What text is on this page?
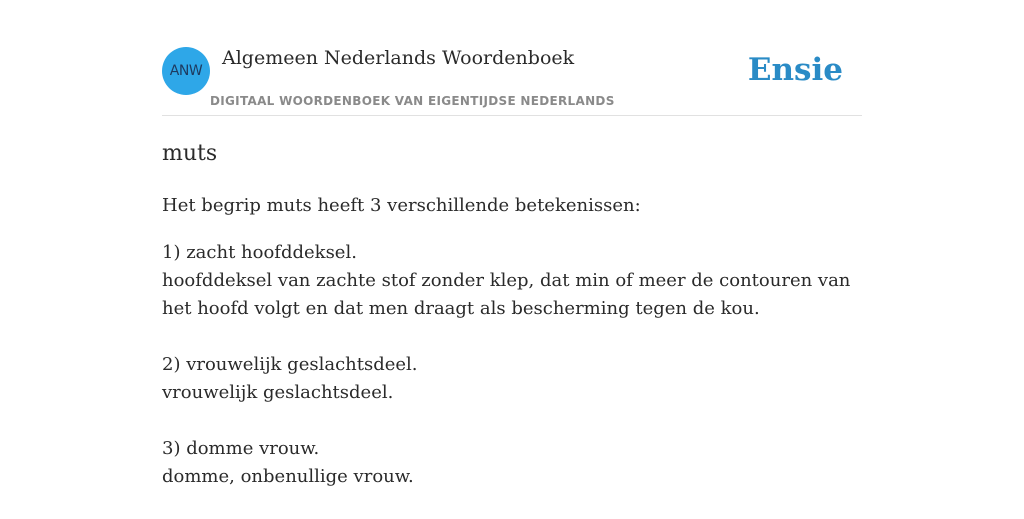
ANW
Algemeen Nederlands Woordenboek
DIGITAAL WOORDENBOEK VAN EIGENTIJDSE NEDERLANDS
Ensie
muts
Het begrip muts heeft 3 verschillende betekenissen:
1) zacht hoofddeksel.
hoofddeksel van zachte stof zonder klep, dat min of meer de contouren van het hoofd volgt en dat men draagt als bescherming tegen de kou.
2) vrouwelijk geslachtsdeel.
vrouwelijk geslachtsdeel.
3) domme vrouw.
domme, onbenullige vrouw.
